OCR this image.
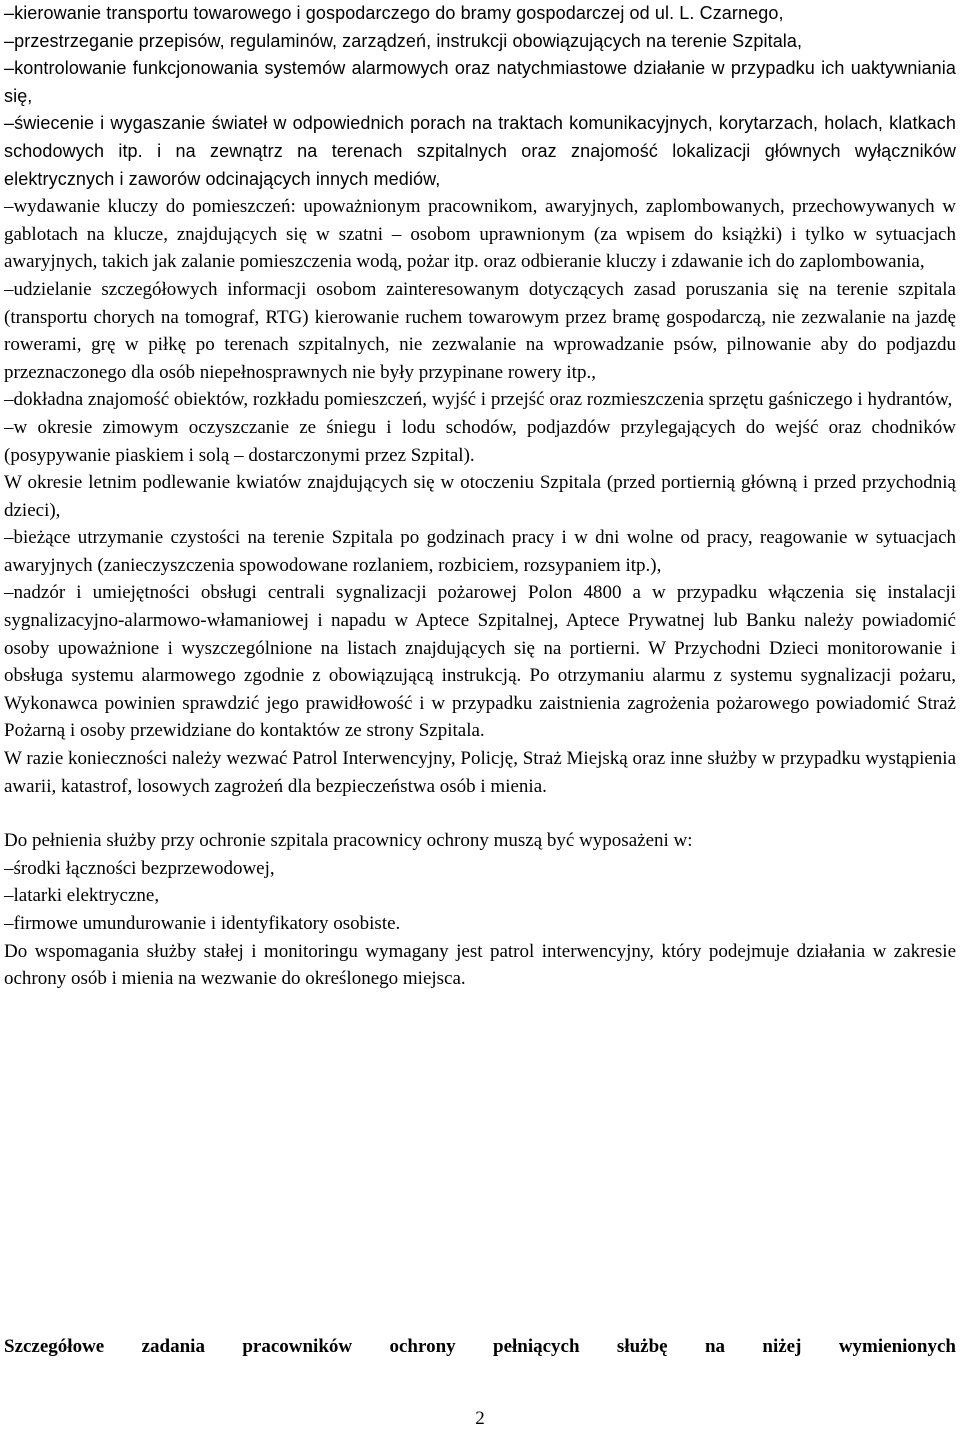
–kierowanie transportu towarowego i gospodarczego do bramy gospodarczej od ul. L. Czarnego,

–przestrzeganie przepisów, regulaminów, zarządzeń, instrukcji obowiązujących na terenie Szpitala,

–kontrolowanie funkcjonowania systemów alarmowych oraz natychmiastowe działanie w przypadku ich uaktywniania się,

–świecenie i wygaszanie świateł w odpowiednich porach na traktach komunikacyjnych, korytarzach, holach, klatkach schodowych itp. i na zewnątrz na terenach szpitalnych oraz znajomość lokalizacji głównych wyłączników elektrycznych i zaworów odcinających innych mediów,

–wydawanie kluczy do pomieszczeń: upoważnionym pracownikom, awaryjnych, zaplombowanych, przechowywanych w gablotach na klucze, znajdujących się w szatni – osobom uprawnionym (za wpisem do książki) i tylko w sytuacjach awaryjnych, takich jak zalanie pomieszczenia wodą, pożar itp. oraz odbieranie kluczy i zdawanie ich do zaplombowania,

–udzielanie szczegółowych informacji osobom zainteresowanym dotyczących zasad poruszania się na terenie szpitala (transportu chorych na tomograf, RTG) kierowanie ruchem towarowym przez bramę gospodarczą, nie zezwalanie na jazdę rowerami, grę w piłkę po terenach szpitalnych, nie zezwalanie na wprowadzanie psów, pilnowanie aby do podjazdu przeznaczonego dla osób niepełnosprawnych nie były przypinane rowery itp.,

–dokładna znajomość obiektów, rozkładu pomieszczeń, wyjść i przejść oraz rozmieszczenia sprzętu gaśniczego i hydrantów,

–w okresie zimowym oczyszczanie ze śniegu i lodu schodów, podjazdów przylegających do wejść oraz chodników (posypywanie piaskiem i solą – dostarczonymi przez Szpital).

W okresie letnim podlewanie kwiatów znajdujących się w otoczeniu Szpitala (przed portiernią główną i przed przychodnią dzieci),

–bieżące utrzymanie czystości na terenie Szpitala po godzinach pracy i w dni wolne od pracy, reagowanie w sytuacjach awaryjnych (zanieczyszczenia spowodowane rozlaniem, rozbiciem, rozsypaniem itp.),

–nadzór i umiejętności obsługi centrali sygnalizacji pożarowej Polon 4800 a w przypadku włączenia się instalacji sygnalizacyjno-alarmowo-włamaniowej i napadu w Aptece Szpitalnej, Aptece Prywatnej lub Banku należy powiadomić osoby upoważnione i wyszczególnione na listach znajdujących się na portierni. W Przychodni Dzieci monitorowanie i obsługa systemu alarmowego zgodnie z obowiązującą instrukcją. Po otrzymaniu alarmu z systemu sygnalizacji pożaru, Wykonawca powinien sprawdzić jego prawidłowość i w przypadku zaistnienia zagrożenia pożarowego powiadomić Straż Pożarną i osoby przewidziane do kontaktów ze strony Szpitala.

W razie konieczności należy wezwać Patrol Interwencyjny, Policję, Straż Miejską oraz inne służby w przypadku wystąpienia awarii, katastrof, losowych zagrożeń dla bezpieczeństwa osób i mienia.

Do pełnienia służby przy ochronie szpitala pracownicy ochrony muszą być wyposażeni w:

–środki łączności bezprzewodowej,

–latarki elektryczne,

–firmowe umundurowanie i identyfikatory osobiste.

Do wspomagania służby stałej i monitoringu wymagany jest patrol interwencyjny, który podejmuje działania w zakresie ochrony osób i mienia na wezwanie do określonego miejsca.

Szczegółowe zadania pracowników ochrony pełniących służbę na niżej wymienionych

2
